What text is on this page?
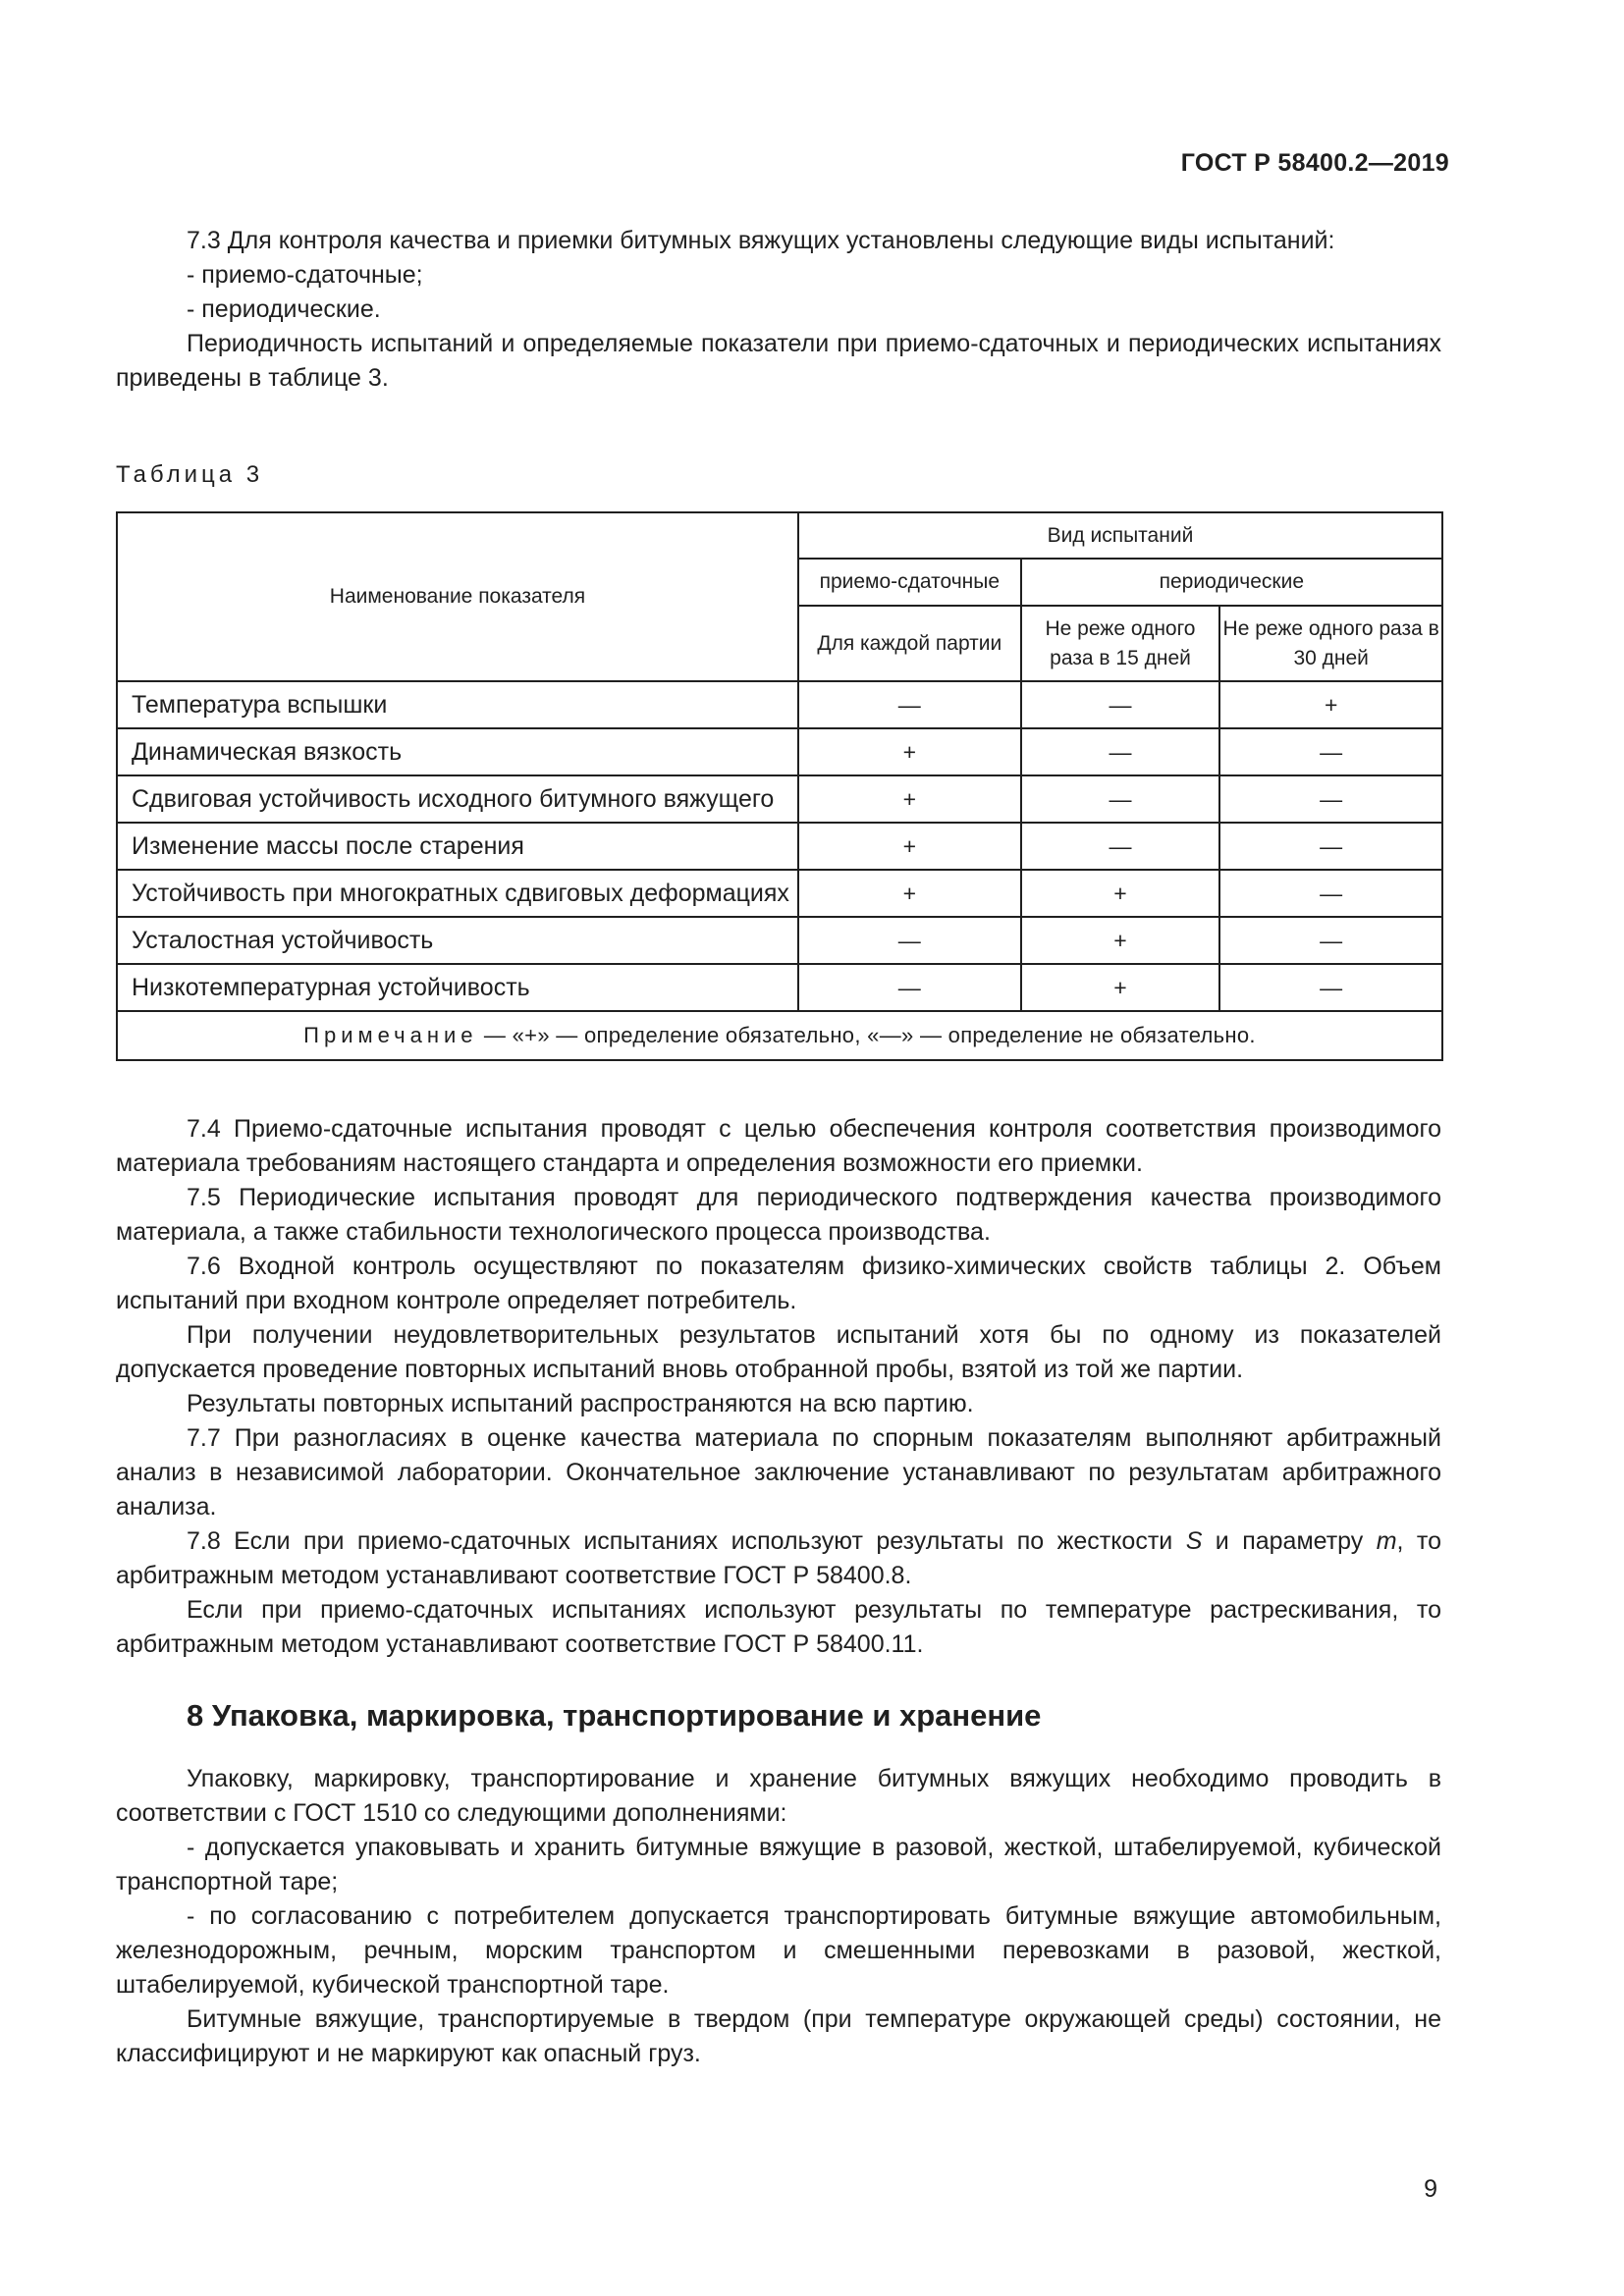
ГОСТ Р 58400.2—2019

7.3 Для контроля качества и приемки битумных вяжущих установлены следующие виды испытаний:

- приемо-сдаточные;

- периодические.

Периодичность испытаний и определяемые показатели при приемо-сдаточных и периодических испытаниях приведены в таблице 3.

Таблица 3
Наименование показателя	Вид испытаний		
	приемо-сдаточные	периодические	
	Для каждой партии	Не реже одного раза в 15 дней	Не реже одного раза в 30 дней
Температура вспышки	—	—	+
Динамическая вязкость	+	—	—
Сдвиговая устойчивость исходного битумного вяжущего	+	—	—
Изменение массы после старения	+	—	—
Устойчивость при многократных сдвиговых деформациях	+	+	—
Усталостная устойчивость	—	+	—
Низкотемпературная устойчивость	—	+	—
Примечание — «+» — определение обязательно, «—» — определение не обязательно.			

7.4 Приемо-сдаточные испытания проводят с целью обеспечения контроля соответствия производимого материала требованиям настоящего стандарта и определения возможности его приемки.

7.5 Периодические испытания проводят для периодического подтверждения качества производимого материала, а также стабильности технологического процесса производства.

7.6 Входной контроль осуществляют по показателям физико-химических свойств таблицы 2. Объем испытаний при входном контроле определяет потребитель.

При получении неудовлетворительных результатов испытаний хотя бы по одному из показателей допускается проведение повторных испытаний вновь отобранной пробы, взятой из той же партии.

Результаты повторных испытаний распространяются на всю партию.

7.7 При разногласиях в оценке качества материала по спорным показателям выполняют арбитражный анализ в независимой лаборатории. Окончательное заключение устанавливают по результатам арбитражного анализа.

7.8 Если при приемо-сдаточных испытаниях используют результаты по жесткости S и параметру m, то арбитражным методом устанавливают соответствие ГОСТ Р 58400.8.

Если при приемо-сдаточных испытаниях используют результаты по температуре растрескивания, то арбитражным методом устанавливают соответствие ГОСТ Р 58400.11.

8 Упаковка, маркировка, транспортирование и хранение

Упаковку, маркировку, транспортирование и хранение битумных вяжущих необходимо проводить в соответствии с ГОСТ 1510 со следующими дополнениями:

- допускается упаковывать и хранить битумные вяжущие в разовой, жесткой, штабелируемой, кубической транспортной таре;

- по согласованию с потребителем допускается транспортировать битумные вяжущие автомобильным, железнодорожным, речным, морским транспортом и смешенными перевозками в разовой, жесткой, штабелируемой, кубической транспортной таре.

Битумные вяжущие, транспортируемые в твердом (при температуре окружающей среды) состоянии, не классифицируют и не маркируют как опасный груз.

9
